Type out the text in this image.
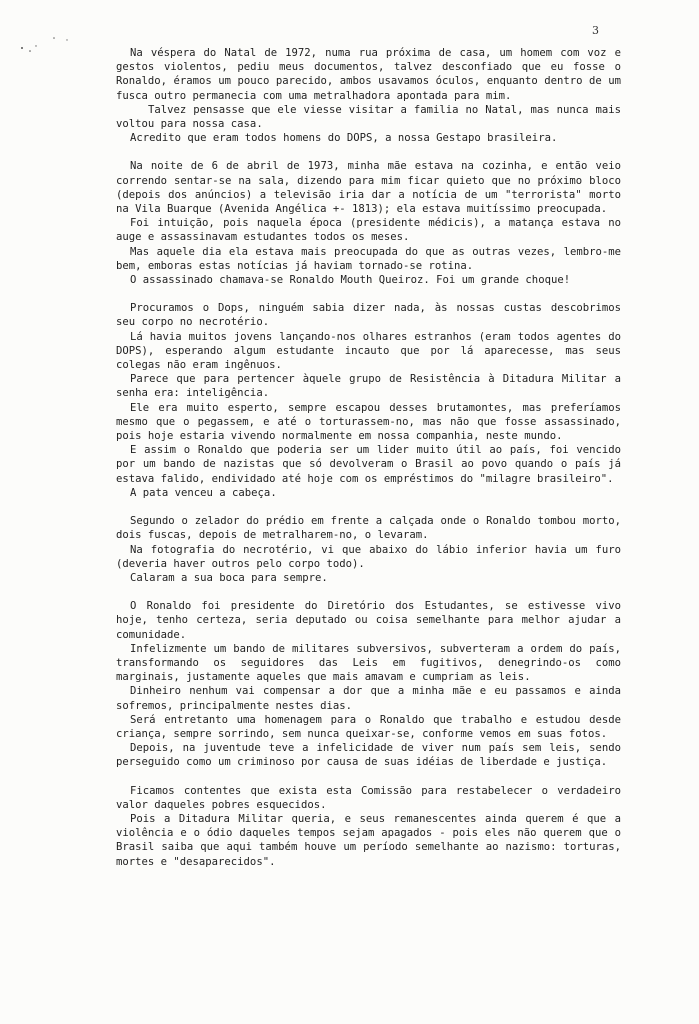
3

Na véspera do Natal de 1972, numa rua próxima de casa, um homem com voz e gestos violentos, pediu meus documentos, talvez desconfiado que eu fosse o Ronaldo, éramos um pouco parecido, ambos usavamos óculos, enquanto dentro de um fusca outro permanecia com uma metralhadora apontada para mim.

Talvez pensasse que ele viesse visitar a familia no Natal, mas nunca mais voltou para nossa casa.

Acredito que eram todos homens do DOPS, a nossa Gestapo brasileira.

Na noite de 6 de abril de 1973, minha mãe estava na cozinha, e então veio correndo sentar-se na sala, dizendo para mim ficar quieto que no próximo bloco (depois dos anúncios) a televisão iria dar a notícia de um "terrorista" morto na Vila Buarque (Avenida Angélica +- 1813); ela estava muitíssimo preocupada.

Foi intuição, pois naquela época (presidente médicis), a matança estava no auge e assassinavam estudantes todos os meses.

Mas aquele dia ela estava mais preocupada do que as outras vezes, lembro-me bem, emboras estas notícias já haviam tornado-se rotina.

O assassinado chamava-se Ronaldo Mouth Queiroz. Foi um grande choque!

Procuramos o Dops, ninguém sabia dizer nada, às nossas custas descobrimos seu corpo no necrotério.

Lá havia muitos jovens lançando-nos olhares estranhos (eram todos agentes do DOPS), esperando algum estudante incauto que por lá aparecesse, mas seus colegas não eram ingênuos.

Parece que para pertencer àquele grupo de Resistência à Ditadura Militar a senha era: inteligência.

Ele era muito esperto, sempre escapou desses brutamontes, mas preferíamos mesmo que o pegassem, e até o torturassem-no, mas não que fosse assassinado, pois hoje estaria vivendo normalmente em nossa companhia, neste mundo.

E assim o Ronaldo que poderia ser um lider muito útil ao país, foi vencido por um bando de nazistas que só devolveram o Brasil ao povo quando o país já estava falido, endividado até hoje com os empréstimos do "milagre brasileiro".

A pata venceu a cabeça.

Segundo o zelador do prédio em frente a calçada onde o Ronaldo tombou morto, dois fuscas, depois de metralharem-no, o levaram.

Na fotografia do necrotério, vi que abaixo do lábio inferior havia um furo (deveria haver outros pelo corpo todo).

Calaram a sua boca para sempre.

O Ronaldo foi presidente do Diretório dos Estudantes, se estivesse vivo hoje, tenho certeza, seria deputado ou coisa semelhante para melhor ajudar a comunidade.

Infelizmente um bando de militares subversivos, subverteram a ordem do país, transformando os seguidores das Leis em fugitivos, denegrindo-os como marginais, justamente aqueles que mais amavam e cumpriam as leis.

Dinheiro nenhum vai compensar a dor que a minha mãe e eu passamos e ainda sofremos, principalmente nestes dias.

Será entretanto uma homenagem para o Ronaldo que trabalho e estudou desde criança, sempre sorrindo, sem nunca queixar-se, conforme vemos em suas fotos.

Depois, na juventude teve a infelicidade de viver num país sem leis, sendo perseguido como um criminoso por causa de suas idéias de liberdade e justiça.

Ficamos contentes que exista esta Comissão para restabelecer o verdadeiro valor daqueles pobres esquecidos.

Pois a Ditadura Militar queria, e seus remanescentes ainda querem é que a violência e o ódio daqueles tempos sejam apagados - pois eles não querem que o Brasil saiba que aqui também houve um período semelhante ao nazismo: torturas, mortes e "desaparecidos".
